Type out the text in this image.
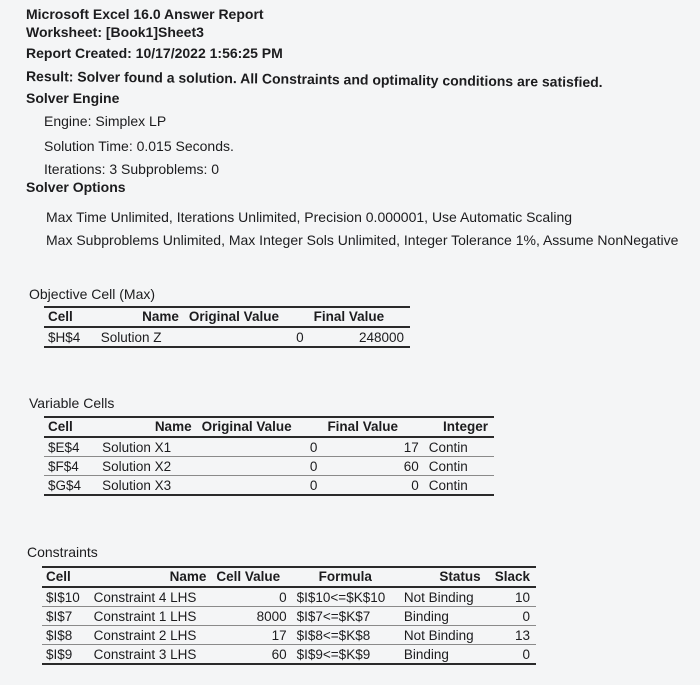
Microsoft Excel 16.0 Answer Report
Worksheet: [Book1]Sheet3
Report Created: 10/17/2022 1:56:25 PM
Result: Solver found a solution. All Constraints and optimality conditions are satisfied.
Solver Engine
Engine: Simplex LP
Solution Time: 0.015 Seconds.
Iterations: 3 Subproblems: 0
Solver Options
Max Time Unlimited, Iterations Unlimited, Precision 0.000001, Use Automatic Scaling
Max Subproblems Unlimited, Max Integer Sols Unlimited, Integer Tolerance 1%, Assume NonNegative
Objective Cell (Max)
Cell	Name	Original Value	Final Value
$H$4	Solution Z	0	248000
Variable Cells
Cell	Name	Original Value	Final Value	Integer
$E$4	Solution X1	0	17	Contin
$F$4	Solution X2	0	60	Contin
$G$4	Solution X3	0	0	Contin
Constraints
Cell	Name	Cell Value	Formula	Status	Slack
$I$10	Constraint 4 LHS	0	$I$10<=$K$10	Not Binding	10
$I$7	Constraint 1 LHS	8000	$I$7<=$K$7	Binding	0
$I$8	Constraint 2 LHS	17	$I$8<=$K$8	Not Binding	13
$I$9	Constraint 3 LHS	60	$I$9<=$K$9	Binding	0
